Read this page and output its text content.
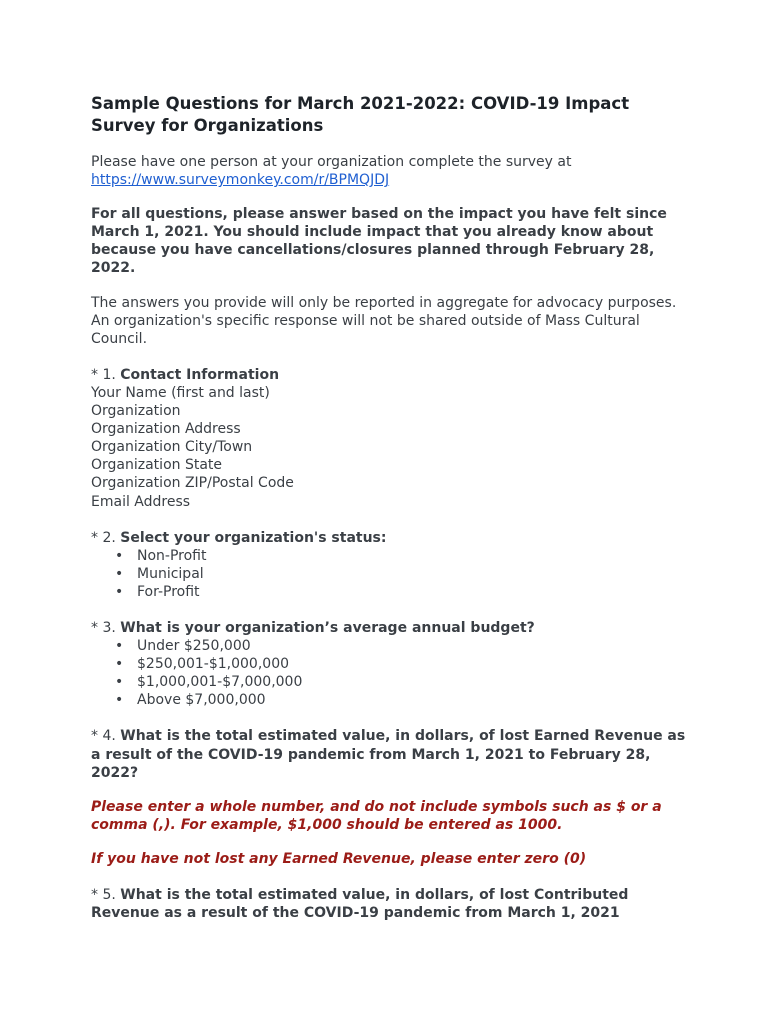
Sample Questions for March 2021-2022: COVID-19 Impact Survey for Organizations

Please have one person at your organization complete the survey at
https://www.surveymonkey.com/r/BPMQJDJ

For all questions, please answer based on the impact you have felt since March 1, 2021. You should include impact that you already know about because you have cancellations/closures planned through February 28, 2022.

The answers you provide will only be reported in aggregate for advocacy purposes. An organization's specific response will not be shared outside of Mass Cultural Council.

* 1. Contact Information
Your Name (first and last)
Organization
Organization Address
Organization City/Town
Organization State
Organization ZIP/Postal Code
Email Address
* 2. Select your organization's status:
• Non-Profit
• Municipal
• For-Profit
* 3. What is your organization’s average annual budget?
• Under $250,000
• $250,001-$1,000,000
• $1,000,001-$7,000,000
• Above $7,000,000
* 4. What is the total estimated value, in dollars, of lost Earned Revenue as a result of the COVID-19 pandemic from March 1, 2021 to February 28, 2022?

Please enter a whole number, and do not include symbols such as $ or a comma (,). For example, $1,000 should be entered as 1000.

If you have not lost any Earned Revenue, please enter zero (0)

* 5. What is the total estimated value, in dollars, of lost Contributed Revenue as a result of the COVID-19 pandemic from March 1, 2021
